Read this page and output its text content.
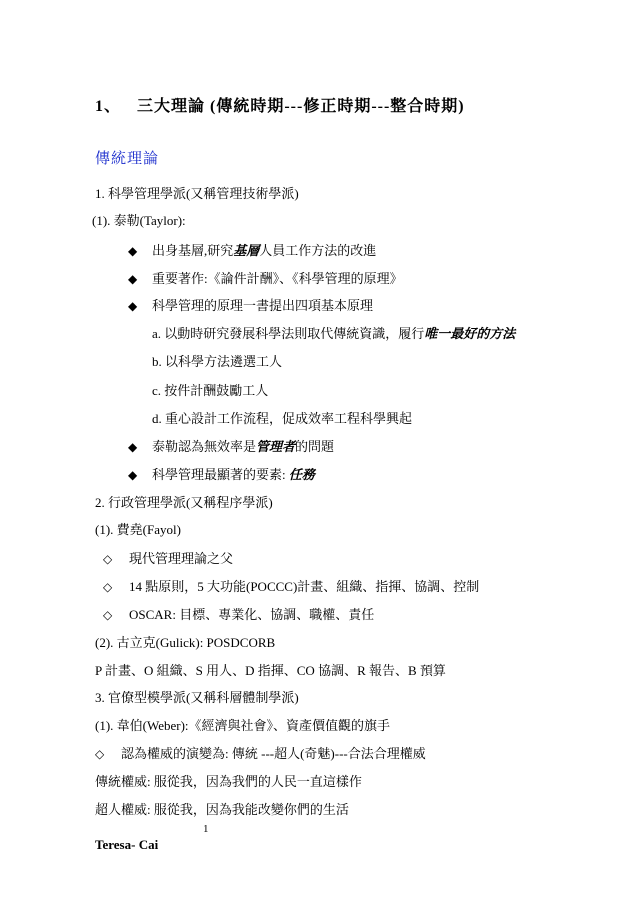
1、 三大理論 (傳統時期---修正時期---整合時期)
傳統理論
1. 科學管理學派(又稱管理技術學派)
(1). 泰勒(Taylor):
◆ 出身基層,研究基層人員工作方法的改進
◆ 重要著作:《論件計酬》、《科學管理的原理》
◆ 科學管理的原理一書提出四項基本原理
a. 以動時研究發展科學法則取代傳統資識，履行唯一最好的方法
b. 以科學方法遴選工人
c. 按件計酬鼓勵工人
d. 重心設計工作流程，促成效率工程科學興起
◆ 泰勒認為無效率是管理者的問題
◆ 科學管理最顯著的要素: 任務
2. 行政管理學派(又稱程序學派)
(1). 費堯(Fayol)
◇ 現代管理理論之父
◇ 14 點原則，5 大功能(POCCC)計畫、組織、指揮、協調、控制
◇ OSCAR: 目標、專業化、協調、職權、責任
(2). 古立克(Gulick): POSDCORB
P 計畫、O 組織、S 用人、D 指揮、CO 協調、R 報告、B 預算
3. 官僚型模學派(又稱科層體制學派)
(1). 韋伯(Weber):《經濟與社會》、資產價值觀的旗手
◇ 認為權威的演變為: 傳統 ---超人(奇魅)---合法合理權威
傳統權威: 服從我，因為我們的人民一直這樣作
超人權威: 服從我，因為我能改變你們的生活
1
Teresa- Cai
